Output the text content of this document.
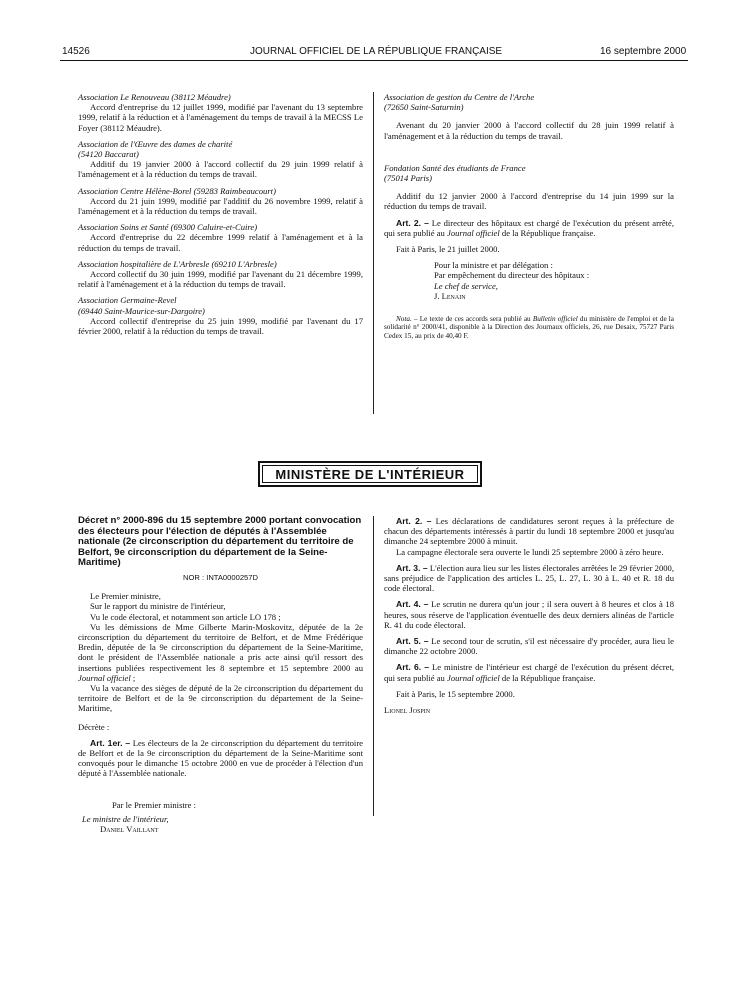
14526	JOURNAL OFFICIEL DE LA RÉPUBLIQUE FRANÇAISE	16 septembre 2000

Association Le Renouveau (38112 Méaudre)

Accord d'entreprise du 12 juillet 1999, modifié par l'avenant du 13 septembre 1999, relatif à la réduction et à l'aménagement du temps de travail à la MECSS Le Foyer (38112 Méaudre).

Association de l'Œuvre des dames de charité

(54120 Baccarat)

Additif du 19 janvier 2000 à l'accord collectif du 29 juin 1999 relatif à l'aménagement et à la réduction du temps de travail.

Association Centre Hélène-Borel (59283 Raimbeaucourt)

Accord du 21 juin 1999, modifié par l'additif du 26 novembre 1999, relatif à l'aménagement et à la réduction du temps de travail.

Association Soins et Santé (69300 Caluire-et-Cuire)

Accord d'entreprise du 22 décembre 1999 relatif à l'aménagement et à la réduction du temps de travail.

Association hospitalière de L'Arbresle (69210 L'Arbresle)

Accord collectif du 30 juin 1999, modifié par l'avenant du 21 décembre 1999, relatif à l'aménagement et à la réduction du temps de travail.

Association Germaine-Revel

(69440 Saint-Maurice-sur-Dargoire)

Accord collectif d'entreprise du 25 juin 1999, modifié par l'avenant du 17 février 2000, relatif à la réduction du temps de travail.

Association de gestion du Centre de l'Arche

(72650 Saint-Saturnin)

Avenant du 20 janvier 2000 à l'accord collectif du 28 juin 1999 relatif à l'aménagement et à la réduction du temps de travail.

Fondation Santé des étudiants de France

(75014 Paris)

Additif du 12 janvier 2000 à l'accord d'entreprise du 14 juin 1999 sur la réduction du temps de travail.

Art. 2. – Le directeur des hôpitaux est chargé de l'exécution du présent arrêté, qui sera publié au Journal officiel de la République française.

Fait à Paris, le 21 juillet 2000.

Pour la ministre et par délégation :

Par empêchement du directeur des hôpitaux :

Le chef de service,

J. Lenain

Nota. – Le texte de ces accords sera publié au Bulletin officiel du ministère de l'emploi et de la solidarité n° 2000/41, disponible à la Direction des Journaux officiels, 26, rue Desaix, 75727 Paris Cedex 15, au prix de 40,40 F.

MINISTÈRE DE L'INTÉRIEUR

Décret n° 2000-896 du 15 septembre 2000 portant convocation des électeurs pour l'élection de députés à l'Assemblée nationale (2e circonscription du département du territoire de Belfort, 9e circonscription du département de la Seine-Maritime)

NOR : INTA0000257D

Le Premier ministre,

Sur le rapport du ministre de l'intérieur,

Vu le code électoral, et notamment son article LO 178 ;

Vu les démissions de Mme Gilberte Marin-Moskovitz, députée de la 2e circonscription du département du territoire de Belfort, et de Mme Frédérique Bredin, députée de la 9e circonscription du département de la Seine-Maritime, dont le président de l'Assemblée nationale a pris acte ainsi qu'il ressort des insertions publiées respectivement les 8 septembre et 15 septembre 2000 au Journal officiel ;

Vu la vacance des sièges de député de la 2e circonscription du département du territoire de Belfort et de la 9e circonscription du département de la Seine-Maritime,

Décrète :

Art. 1er. – Les électeurs de la 2e circonscription du département du territoire de Belfort et de la 9e circonscription du département de la Seine-Maritime sont convoqués pour le dimanche 15 octobre 2000 en vue de procéder à l'élection d'un député à l'Assemblée nationale.

Art. 2. – Les déclarations de candidatures seront reçues à la préfecture de chacun des départements intéressés à partir du lundi 18 septembre 2000 et jusqu'au dimanche 24 septembre 2000 à minuit.

La campagne électorale sera ouverte le lundi 25 septembre 2000 à zéro heure.

Art. 3. – L'élection aura lieu sur les listes électorales arrêtées le 29 février 2000, sans préjudice de l'application des articles L. 25, L. 27, L. 30 à L. 40 et R. 18 du code électoral.

Art. 4. – Le scrutin ne durera qu'un jour ; il sera ouvert à 8 heures et clos à 18 heures, sous réserve de l'application éventuelle des deux derniers alinéas de l'article R. 41 du code électoral.

Art. 5. – Le second tour de scrutin, s'il est nécessaire d'y procéder, aura lieu le dimanche 22 octobre 2000.

Art. 6. – Le ministre de l'intérieur est chargé de l'exécution du présent décret, qui sera publié au Journal officiel de la République française.

Fait à Paris, le 15 septembre 2000.

Lionel Jospin

Par le Premier ministre :

Le ministre de l'intérieur,

Daniel Vaillant
